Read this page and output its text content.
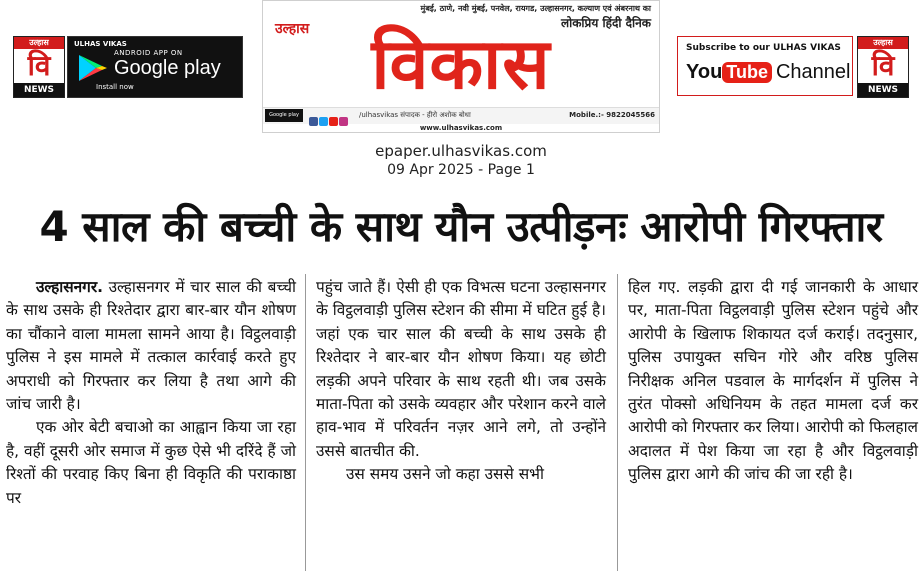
उल्हास
वि
NEWS
ULHAS VIKAS
ANDROID APP ON
Google play
Install now
मुंबई, ठाणे, नवी मुंबई, पनवेल, रायगड, उल्हासनगर, कल्याण एवं अंबरनाथ का
लोकप्रिय हिंदी दैनिक
उल्हास विकास
Google play	/ulhasvikas संपादक - हीरो अशोक बोधा	Mobile.:- 9822045566
www.ulhasvikas.com
Subscribe to our ULHAS VIKAS
You Tube Channel
उल्हास
वि
NEWS
epaper.ulhasvikas.com
09 Apr 2025 - Page 1
4 साल की बच्ची के साथ यौन उत्पीड़नः आरोपी गिरफ्तार

उल्हासनगर. उल्हासनगर में चार साल की बच्ची के साथ उसके ही रिश्तेदार द्वारा बार-बार यौन शोषण का चौंकाने वाला मामला सामने आया है। विट्ठलवाड़ी पुलिस ने इस मामले में तत्काल कार्रवाई करते हुए अपराधी को गिरफ्तार कर लिया है तथा आगे की जांच जारी है।

एक ओर बेटी बचाओ का आह्वान किया जा रहा है, वहीं दूसरी ओर समाज में कुछ ऐसे भी दरिंदे हैं जो रिश्तों की परवाह किए बिना ही विकृति की पराकाष्ठा पर

पहुंच जाते हैं। ऐसी ही एक विभत्स घटना उल्हासनगर के विट्ठलवाड़ी पुलिस स्टेशन की सीमा में घटित हुई है। जहां एक चार साल की बच्ची के साथ उसके ही रिश्तेदार ने बार-बार यौन शोषण किया। यह छोटी लड़की अपने परिवार के साथ रहती थी। जब उसके माता-पिता को उसके व्यवहार और परेशान करने वाले हाव-भाव में परिवर्तन नज़र आने लगे, तो उन्होंने उससे बातचीत की.

उस समय उसने जो कहा उससे सभी

हिल गए. लड़की द्वारा दी गई जानकारी के आधार पर, माता-पिता विट्ठलवाड़ी पुलिस स्टेशन पहुंचे और आरोपी के खिलाफ शिकायत दर्ज कराई। तदनुसार, पुलिस उपायुक्त सचिन गोरे और वरिष्ठ पुलिस निरीक्षक अनिल पडवाल के मार्गदर्शन में पुलिस ने तुरंत पोक्सो अधिनियम के तहत मामला दर्ज कर आरोपी को गिरफ्तार कर लिया। आरोपी को फिलहाल अदालत में पेश किया जा रहा है और विट्ठलवाड़ी पुलिस द्वारा आगे की जांच की जा रही है।
